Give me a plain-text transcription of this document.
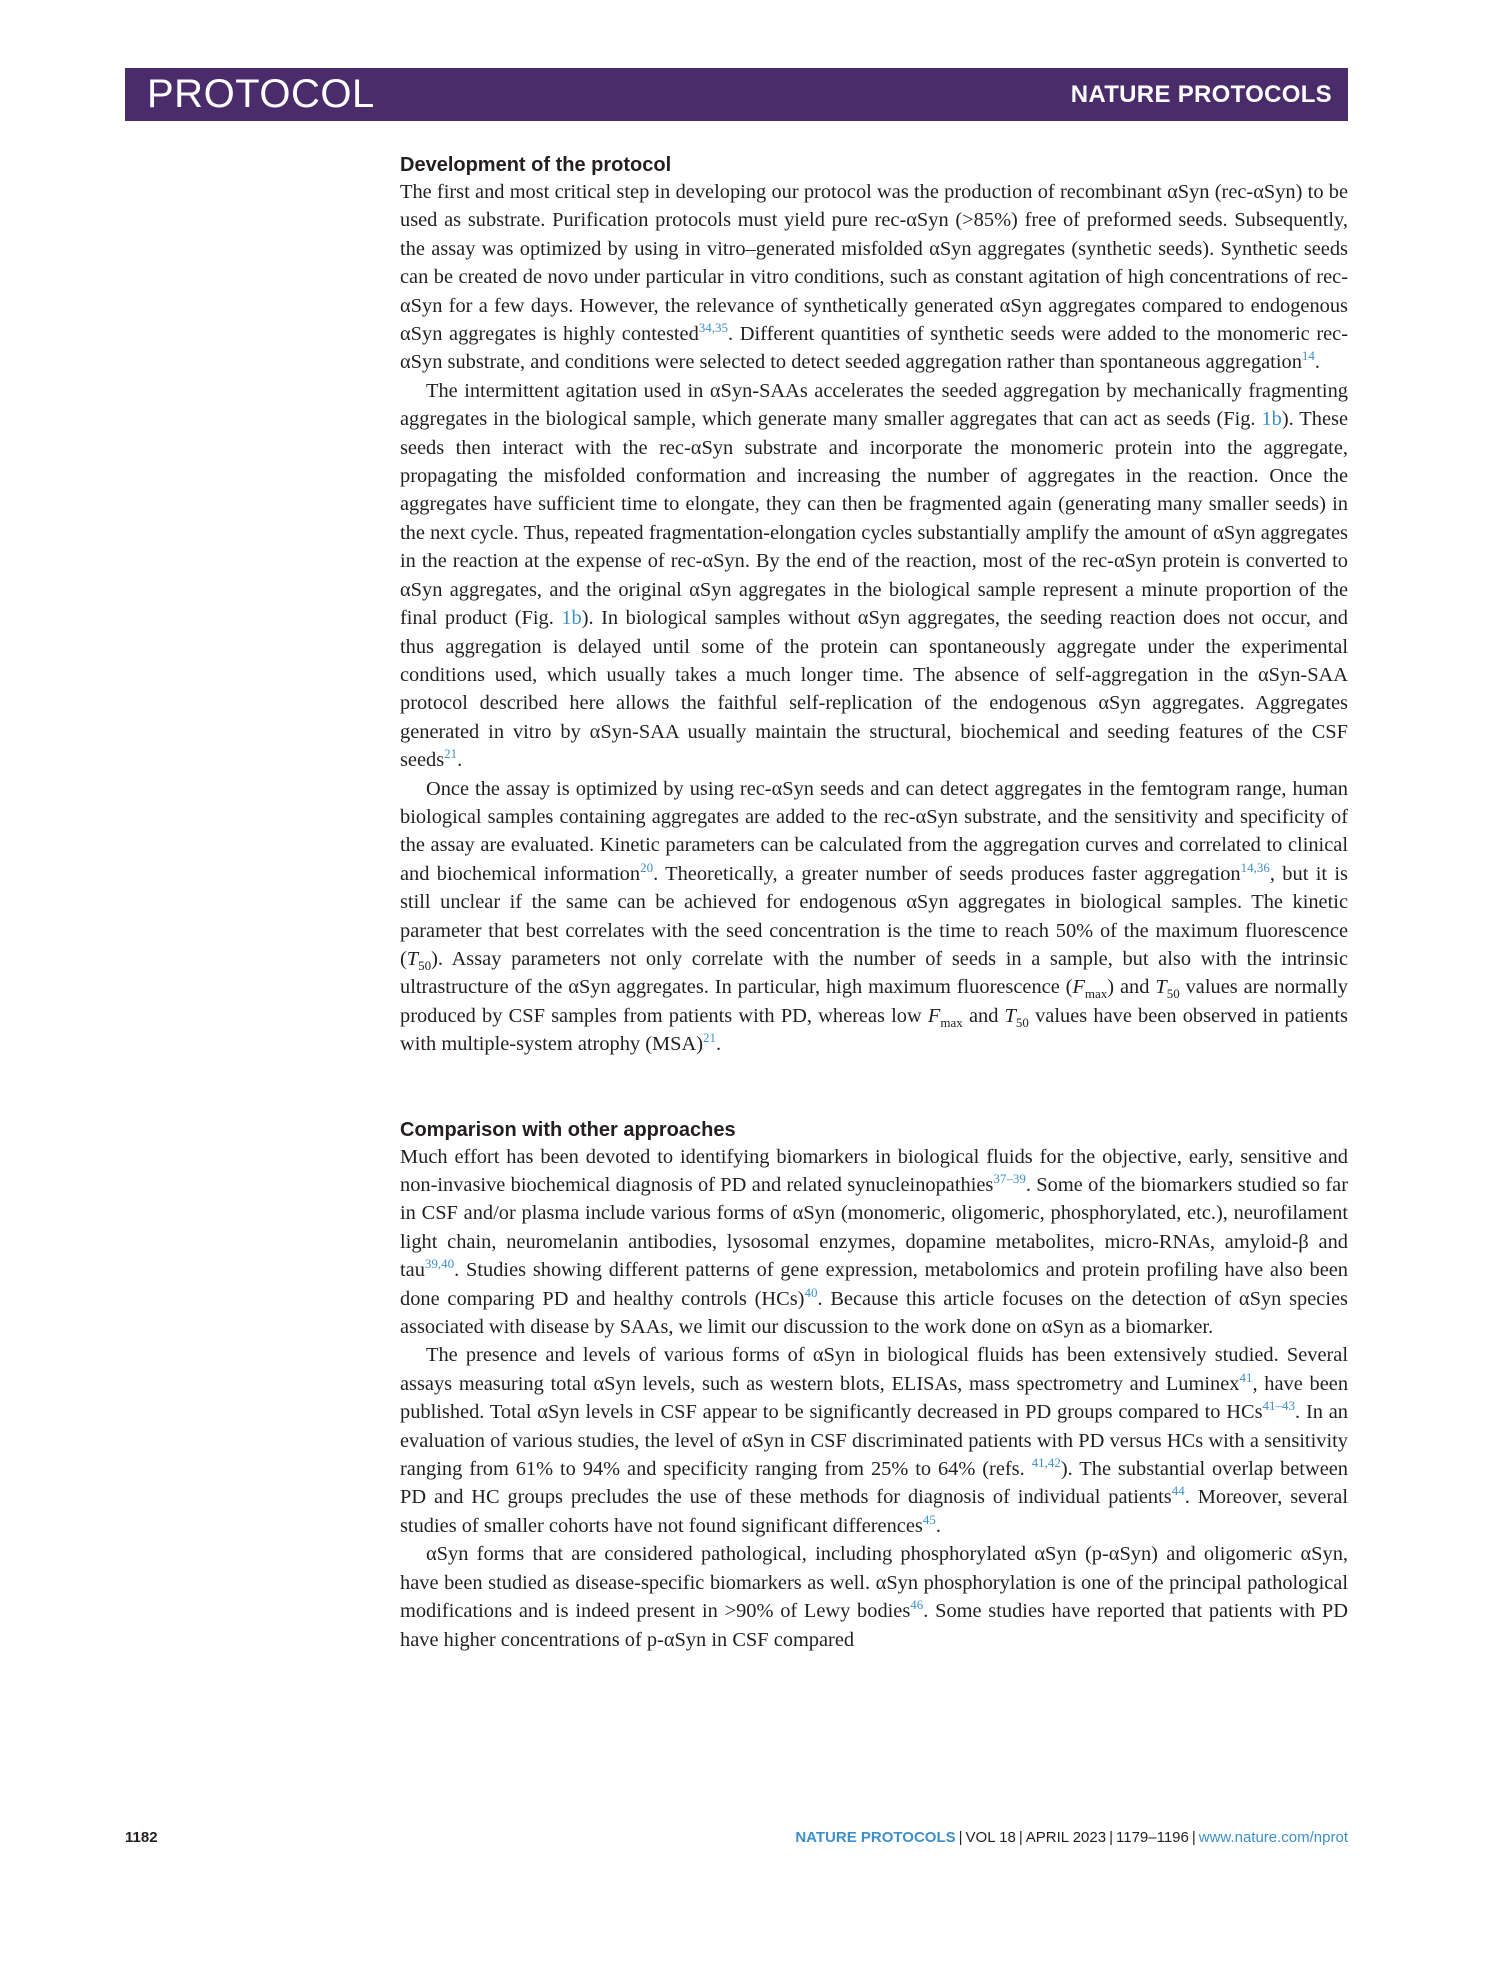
PROTOCOL	NATURE PROTOCOLS
Development of the protocol

The first and most critical step in developing our protocol was the production of recombinant αSyn (rec-αSyn) to be used as substrate. Purification protocols must yield pure rec-αSyn (>85%) free of preformed seeds. Subsequently, the assay was optimized by using in vitro–generated misfolded αSyn aggregates (synthetic seeds). Synthetic seeds can be created de novo under particular in vitro conditions, such as constant agitation of high concentrations of rec-αSyn for a few days. However, the relevance of synthetically generated αSyn aggregates compared to endogenous αSyn aggregates is highly contested$^{34,35}$. Different quantities of synthetic seeds were added to the monomeric rec-αSyn substrate, and conditions were selected to detect seeded aggregation rather than spontaneous aggregation$^{14}$.

The intermittent agitation used in αSyn-SAAs accelerates the seeded aggregation by mechanically fragmenting aggregates in the biological sample, which generate many smaller aggregates that can act as seeds (Fig. 1b). These seeds then interact with the rec-αSyn substrate and incorporate the monomeric protein into the aggregate, propagating the misfolded conformation and increasing the number of aggregates in the reaction. Once the aggregates have sufficient time to elongate, they can then be fragmented again (generating many smaller seeds) in the next cycle. Thus, repeated fragmentation-elongation cycles substantially amplify the amount of αSyn aggregates in the reaction at the expense of rec-αSyn. By the end of the reaction, most of the rec-αSyn protein is converted to αSyn aggregates, and the original αSyn aggregates in the biological sample represent a minute proportion of the final product (Fig. 1b). In biological samples without αSyn aggregates, the seeding reaction does not occur, and thus aggregation is delayed until some of the protein can spontaneously aggregate under the experimental conditions used, which usually takes a much longer time. The absence of self-aggregation in the αSyn-SAA protocol described here allows the faithful self-replication of the endogenous αSyn aggregates. Aggregates generated in vitro by αSyn-SAA usually maintain the structural, biochemical and seeding features of the CSF seeds$^{21}$.

Once the assay is optimized by using rec-αSyn seeds and can detect aggregates in the femtogram range, human biological samples containing aggregates are added to the rec-αSyn substrate, and the sensitivity and specificity of the assay are evaluated. Kinetic parameters can be calculated from the aggregation curves and correlated to clinical and biochemical information$^{20}$. Theoretically, a greater number of seeds produces faster aggregation$^{14,36}$, but it is still unclear if the same can be achieved for endogenous αSyn aggregates in biological samples. The kinetic parameter that best correlates with the seed concentration is the time to reach 50% of the maximum fluorescence $(T_{50})$. Assay parameters not only correlate with the number of seeds in a sample, but also with the intrinsic ultrastructure of the αSyn aggregates. In particular, high maximum fluorescence $(F_{max})$ and $T_{50}$ values are normally produced by CSF samples from patients with PD, whereas low $F_{max}$ and $T_{50}$ values have been observed in patients with multiple-system atrophy (MSA)$^{21}$.

Comparison with other approaches

Much effort has been devoted to identifying biomarkers in biological fluids for the objective, early, sensitive and non-invasive biochemical diagnosis of PD and related synucleinopathies$^{37-39}$. Some of the biomarkers studied so far in CSF and/or plasma include various forms of αSyn (monomeric, oligomeric, phosphorylated, etc.), neurofilament light chain, neuromelanin antibodies, lysosomal enzymes, dopamine metabolites, micro-RNAs, amyloid-β and tau$^{39,40}$. Studies showing different patterns of gene expression, metabolomics and protein profiling have also been done comparing PD and healthy controls (HCs)$^{40}$. Because this article focuses on the detection of αSyn species associated with disease by SAAs, we limit our discussion to the work done on αSyn as a biomarker.

The presence and levels of various forms of αSyn in biological fluids has been extensively studied. Several assays measuring total αSyn levels, such as western blots, ELISAs, mass spectrometry and Luminex$^{41}$, have been published. Total αSyn levels in CSF appear to be significantly decreased in PD groups compared to HCs$^{41-43}$. In an evaluation of various studies, the level of αSyn in CSF discriminated patients with PD versus HCs with a sensitivity ranging from 61% to 94% and specificity ranging from 25% to 64% (refs. $^{41,42}$). The substantial overlap between PD and HC groups precludes the use of these methods for diagnosis of individual patients$^{44}$. Moreover, several studies of smaller cohorts have not found significant differences$^{45}$.

αSyn forms that are considered pathological, including phosphorylated αSyn (p-αSyn) and oligomeric αSyn, have been studied as disease-specific biomarkers as well. αSyn phosphorylation is one of the principal pathological modifications and is indeed present in >90% of Lewy bodies$^{46}$. Some studies have reported that patients with PD have higher concentrations of p-αSyn in CSF compared

1182	NATURE PROTOCOLS | VOL 18 | APRIL 2023 | 1179–1196 | www.nature.com/nprot
